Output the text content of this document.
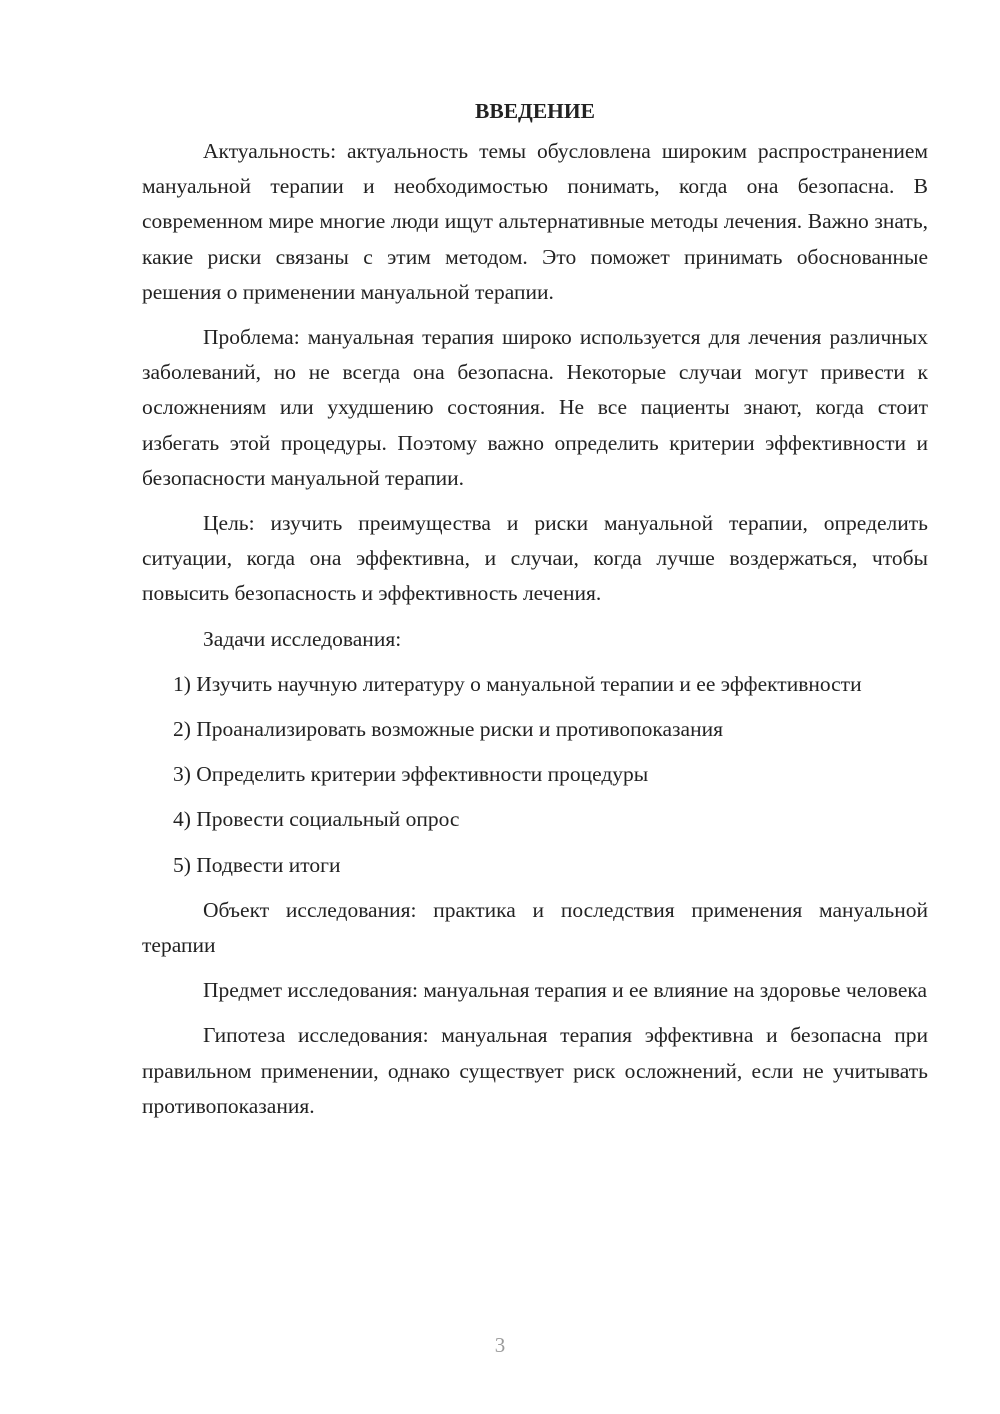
ВВЕДЕНИЕ

Актуальность: актуальность темы обусловлена широким распространением мануальной терапии и необходимостью понимать, когда она безопасна. В современном мире многие люди ищут альтернативные методы лечения. Важно знать, какие риски связаны с этим методом. Это поможет принимать обоснованные решения о применении мануальной терапии.

Проблема: мануальная терапия широко используется для лечения различных заболеваний, но не всегда она безопасна. Некоторые случаи могут привести к осложнениям или ухудшению состояния. Не все пациенты знают, когда стоит избегать этой процедуры. Поэтому важно определить критерии эффективности и безопасности мануальной терапии.

Цель: изучить преимущества и риски мануальной терапии, определить ситуации, когда она эффективна, и случаи, когда лучше воздержаться, чтобы повысить безопасность и эффективность лечения.

Задачи исследования:

1) Изучить научную литературу о мануальной терапии и ее эффективности

2) Проанализировать возможные риски и противопоказания

3) Определить критерии эффективности процедуры

4) Провести социальный опрос

5) Подвести итоги

Объект исследования: практика и последствия применения мануальной терапии

Предмет исследования: мануальная терапия и ее влияние на здоровье человека

Гипотеза исследования: мануальная терапия эффективна и безопасна при правильном применении, однако существует риск осложнений, если не учитывать противопоказания.

3
